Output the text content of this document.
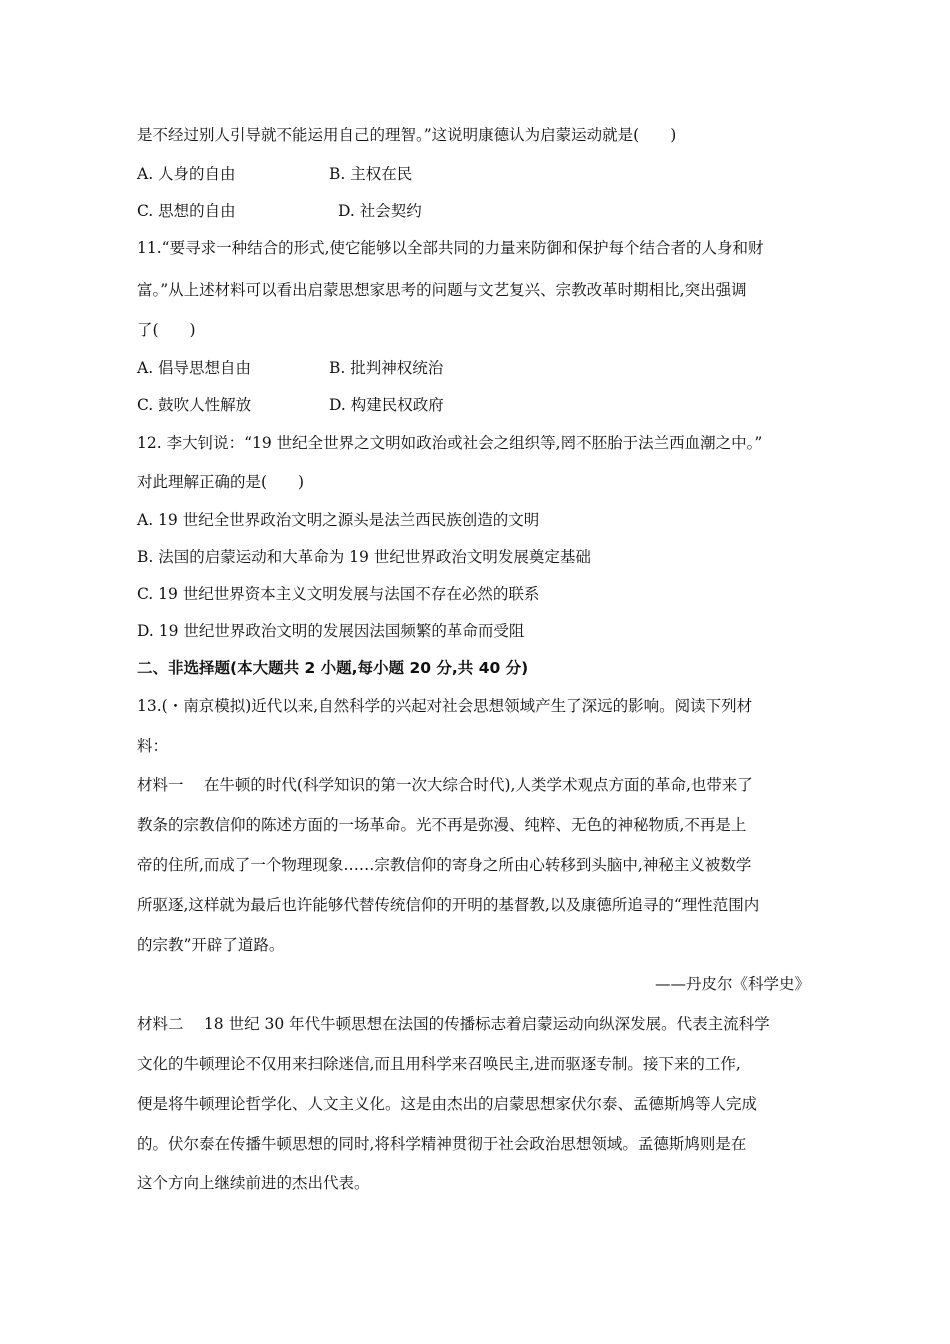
是不经过别人引导就不能运用自己的理智。”这说明康德认为启蒙运动就是(　　)
A. 人身的自由	B. 主权在民
C. 思想的自由	D. 社会契约
11.“要寻求一种结合的形式,使它能够以全部共同的力量来防御和保护每个结合者的人身和财
富。”从上述材料可以看出启蒙思想家思考的问题与文艺复兴、宗教改革时期相比,突出强调
了(　　)
A. 倡导思想自由	B. 批判神权统治
C. 鼓吹人性解放	D. 构建民权政府
12. 李大钊说：“19 世纪全世界之文明如政治或社会之组织等,罔不胚胎于法兰西血潮之中。”
对此理解正确的是(　　)
A. 19 世纪全世界政治文明之源头是法兰西民族创造的文明
B. 法国的启蒙运动和大革命为 19 世纪世界政治文明发展奠定基础
C. 19 世纪世界资本主义文明发展与法国不存在必然的联系
D. 19 世纪世界政治文明的发展因法国频繁的革命而受阻
二、非选择题(本大题共 2 小题,每小题 20 分,共 40 分)
13.(・南京模拟)近代以来,自然科学的兴起对社会思想领域产生了深远的影响。阅读下列材
料：
材料一　 在牛顿的时代(科学知识的第一次大综合时代),人类学术观点方面的革命,也带来了
教条的宗教信仰的陈述方面的一场革命。光不再是弥漫、纯粹、无色的神秘物质,不再是上
帝的住所,而成了一个物理现象……宗教信仰的寄身之所由心转移到头脑中,神秘主义被数学
所驱逐,这样就为最后也许能够代替传统信仰的开明的基督教,以及康德所追寻的“理性范围内
的宗教”开辟了道路。
——丹皮尔《科学史》
材料二　 18 世纪 30 年代牛顿思想在法国的传播标志着启蒙运动向纵深发展。代表主流科学
文化的牛顿理论不仅用来扫除迷信,而且用科学来召唤民主,进而驱逐专制。接下来的工作,
便是将牛顿理论哲学化、人文主义化。这是由杰出的启蒙思想家伏尔泰、孟德斯鸠等人完成
的。伏尔泰在传播牛顿思想的同时,将科学精神贯彻于社会政治思想领域。孟德斯鸠则是在
这个方向上继续前进的杰出代表。
